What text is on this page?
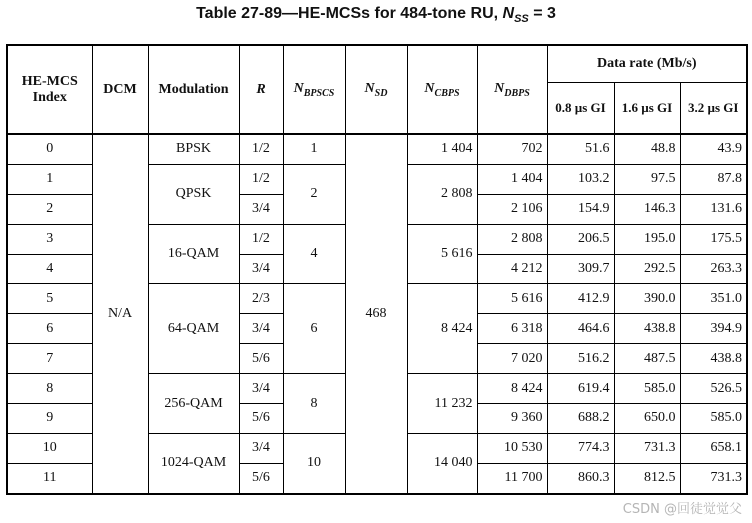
Table 27-89—HE-MCSs for 484-tone RU, $N_{SS} = 3$
HE-MCS Index	DCM	Modulation	R	$N_{BPSCS}$	$N_{SD}$	$N_{CBPS}$	$N_{DBPS}$	Data rate (Mb/s)		
								0.8 µs GI	1.6 µs GI	3.2 µs GI
0	N/A	BPSK	1/2	1	468	1 404	702	51.6	48.8	43.9
1		QPSK	1/2	2		2 808	1 404	103.2	97.5	87.8
2			3/4				2 106	154.9	146.3	131.6
3		16-QAM	1/2	4		5 616	2 808	206.5	195.0	175.5
4			3/4				4 212	309.7	292.5	263.3
5		64-QAM	2/3	6		8 424	5 616	412.9	390.0	351.0
6			3/4				6 318	464.6	438.8	394.9
7			5/6				7 020	516.2	487.5	438.8
8		256-QAM	3/4	8		11 232	8 424	619.4	585.0	526.5
9			5/6				9 360	688.2	650.0	585.0
10		1024-QAM	3/4	10		14 040	10 530	774.3	731.3	658.1
11			5/6				11 700	860.3	812.5	731.3
CSDN @回徒觉觉父
